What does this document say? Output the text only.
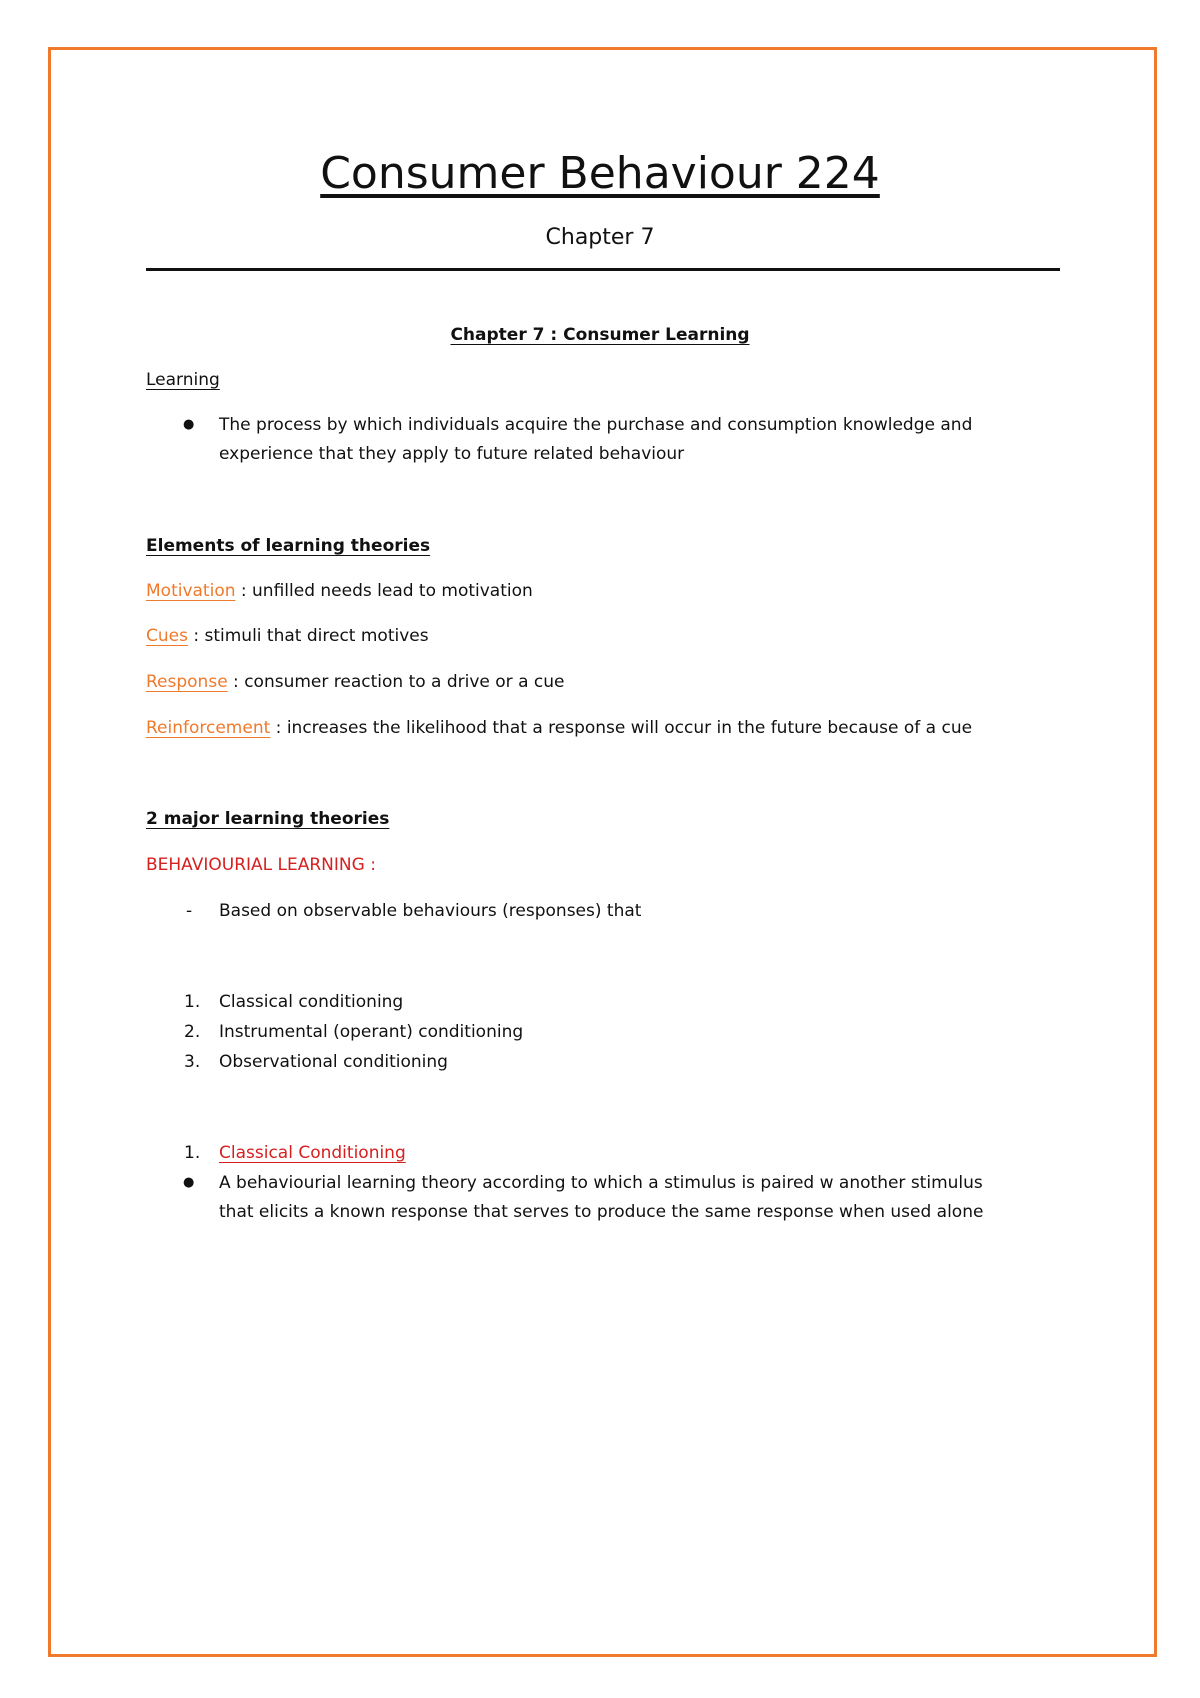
Consumer Behaviour 224
Chapter 7
Chapter 7 : Consumer Learning
Learning
● The process by which individuals acquire the purchase and consumption knowledge and
experience that they apply to future related behaviour
Elements of learning theories
Motivation : unfilled needs lead to motivation
Cues : stimuli that direct motives
Response : consumer reaction to a drive or a cue
Reinforcement : increases the likelihood that a response will occur in the future because of a cue
2 major learning theories
BEHAVIOURIAL LEARNING :
- Based on observable behaviours (responses) that
1. Classical conditioning
2. Instrumental (operant) conditioning
3. Observational conditioning
1. Classical Conditioning
● A behaviourial learning theory according to which a stimulus is paired w another stimulus
that elicits a known response that serves to produce the same response when used alone
